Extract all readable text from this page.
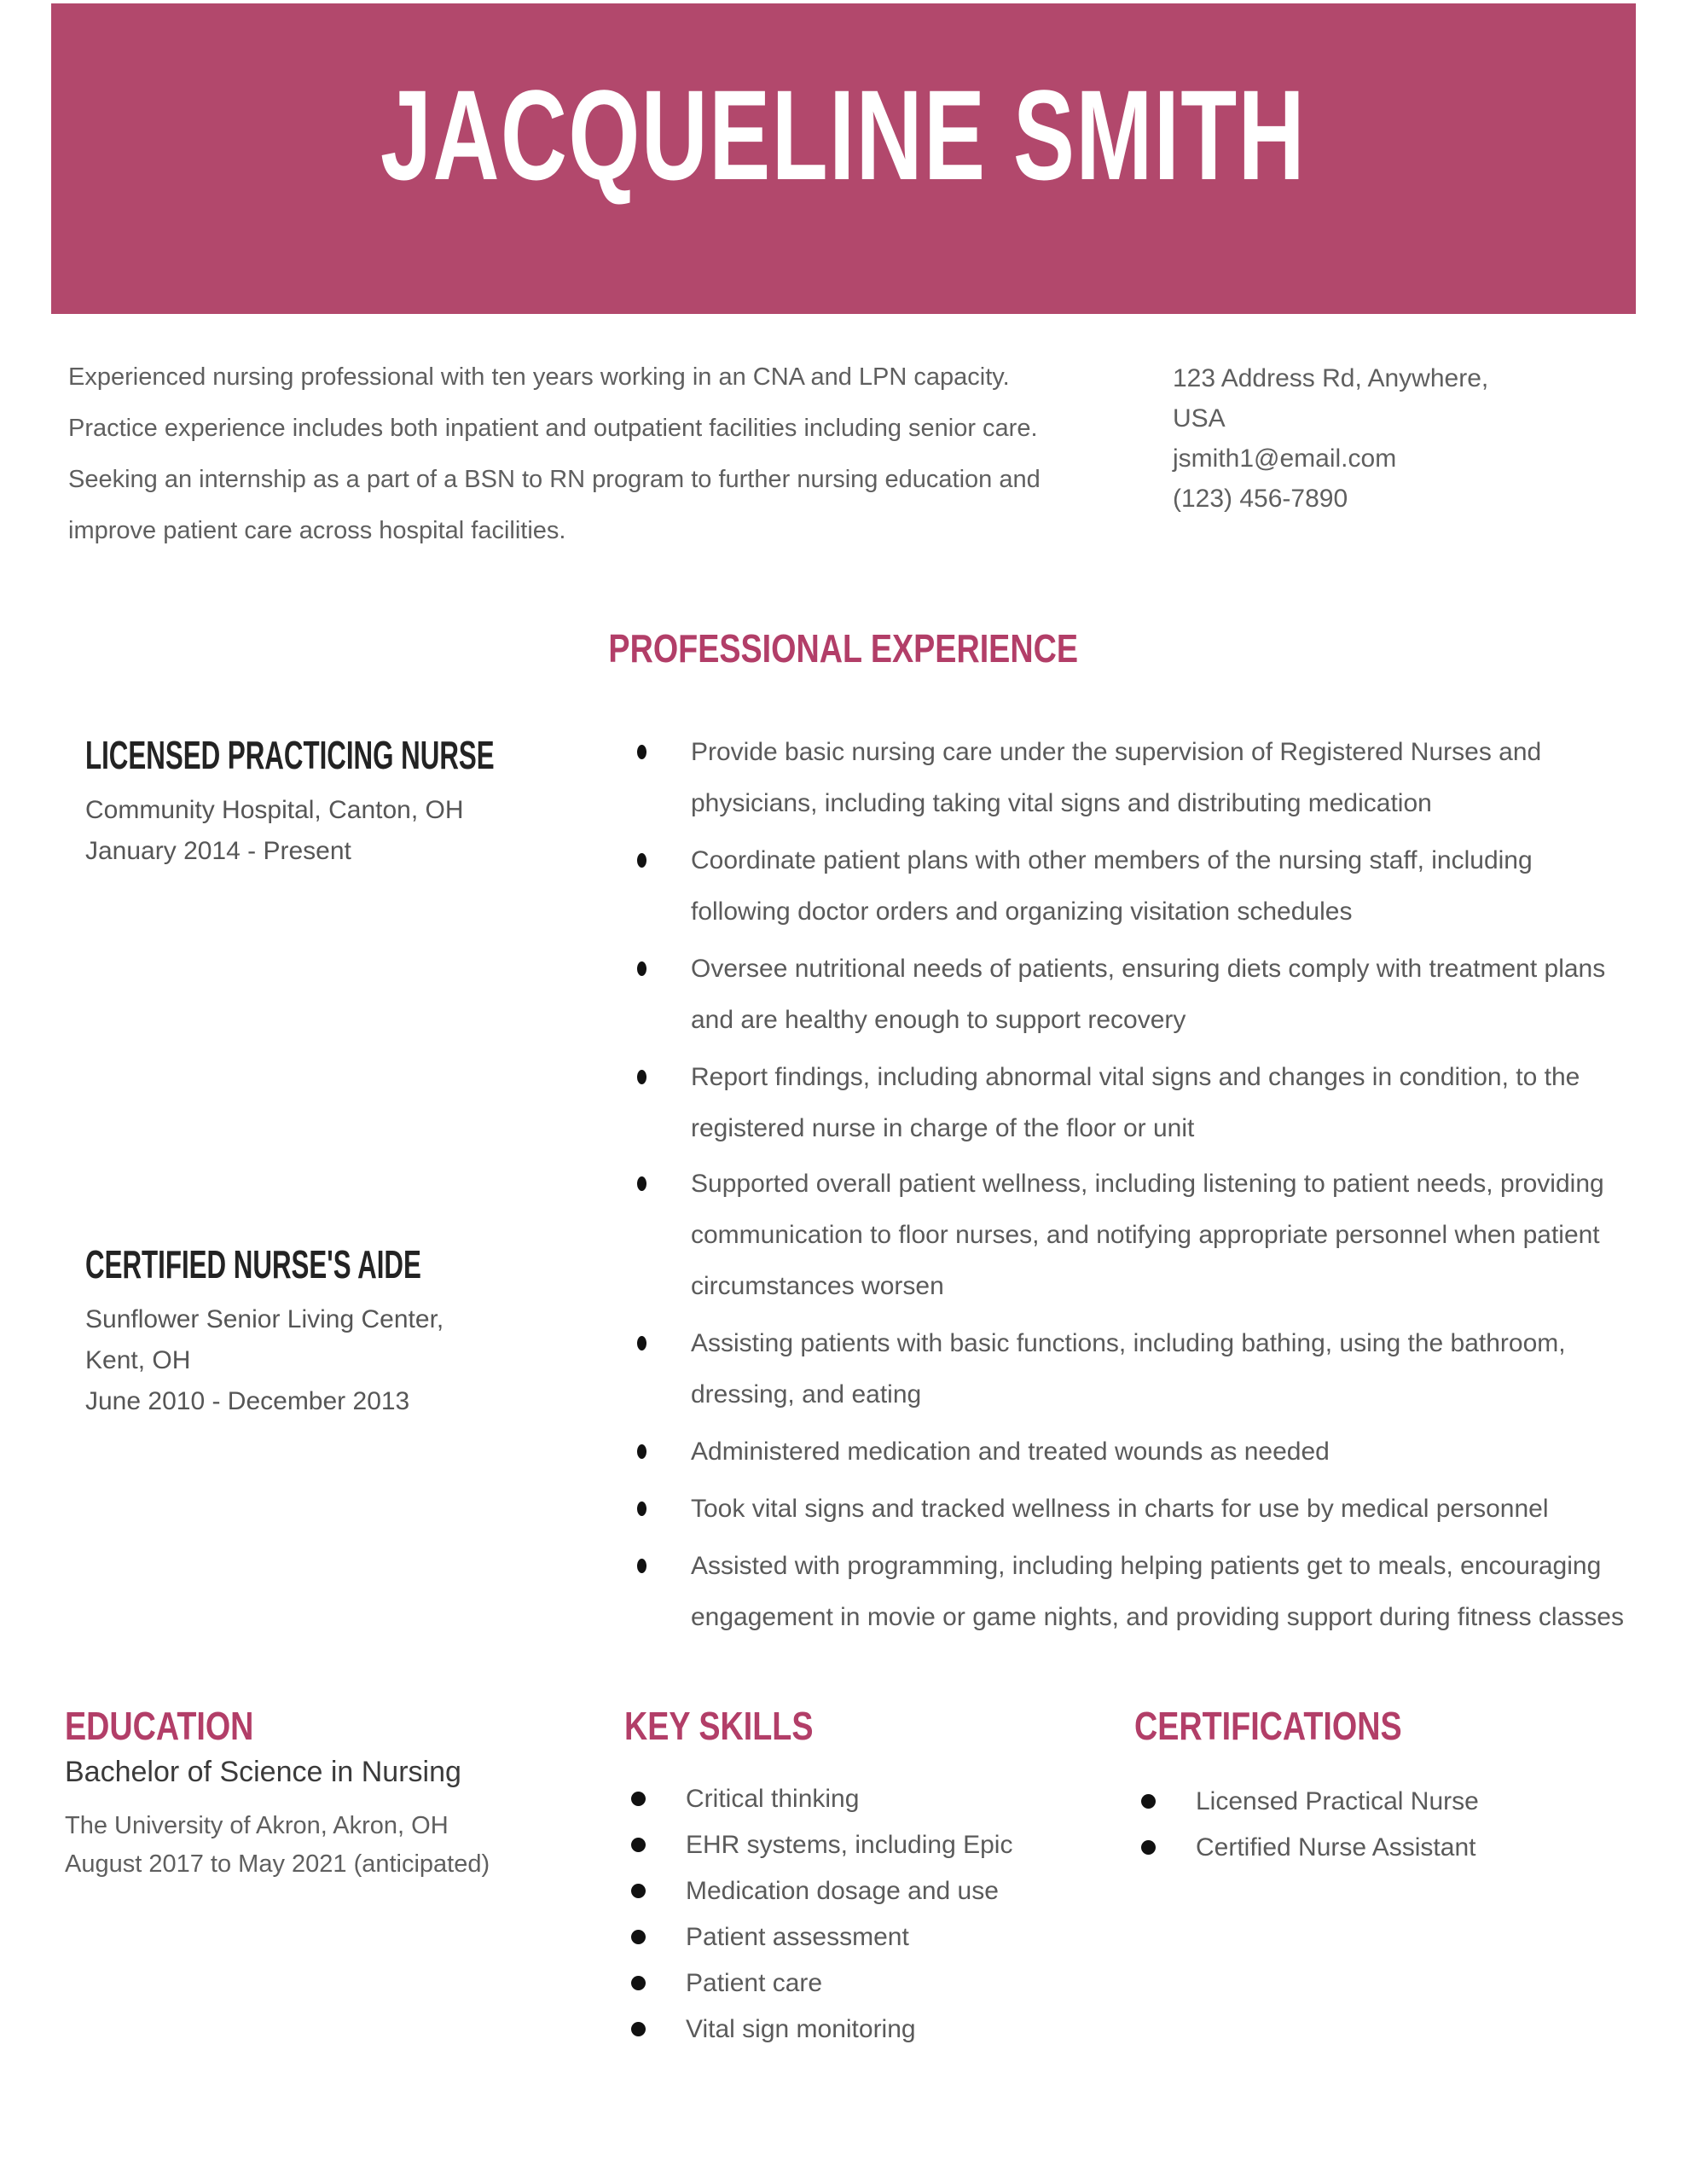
JACQUELINE SMITH
Experienced nursing professional with ten years working in an CNA and LPN capacity.
Practice experience includes both inpatient and outpatient facilities including senior care.
Seeking an internship as a part of a BSN to RN program to further nursing education and
improve patient care across hospital facilities.
123 Address Rd, Anywhere,
USA
jsmith1@email.com
(123) 456-7890
PROFESSIONAL EXPERIENCE
LICENSED PRACTICING NURSE

Community Hospital, Canton, OH
January 2014 - Present

Provide basic nursing care under the supervision of Registered Nurses and physicians, including taking vital signs and distributing medication
Coordinate patient plans with other members of the nursing staff, including following doctor orders and organizing visitation schedules
Oversee nutritional needs of patients, ensuring diets comply with treatment plans and are healthy enough to support recovery
Report findings, including abnormal vital signs and changes in condition, to the registered nurse in charge of the floor or unit
CERTIFIED NURSE'S AIDE

Sunflower Senior Living Center,
Kent, OH
June 2010 - December 2013

Supported overall patient wellness, including listening to patient needs, providing communication to floor nurses, and notifying appropriate personnel when patient circumstances worsen
Assisting patients with basic functions, including bathing, using the bathroom, dressing, and eating
Administered medication and treated wounds as needed
Took vital signs and tracked wellness in charts for use by medical personnel
Assisted with programming, including helping patients get to meals, encouraging engagement in movie or game nights, and providing support during fitness classes
EDUCATION

Bachelor of Science in Nursing

The University of Akron, Akron, OH
August 2017 to May 2021 (anticipated)

KEY SKILLS
Critical thinking
EHR systems, including Epic
Medication dosage and use
Patient assessment
Patient care
Vital sign monitoring
CERTIFICATIONS
Licensed Practical Nurse
Certified Nurse Assistant
